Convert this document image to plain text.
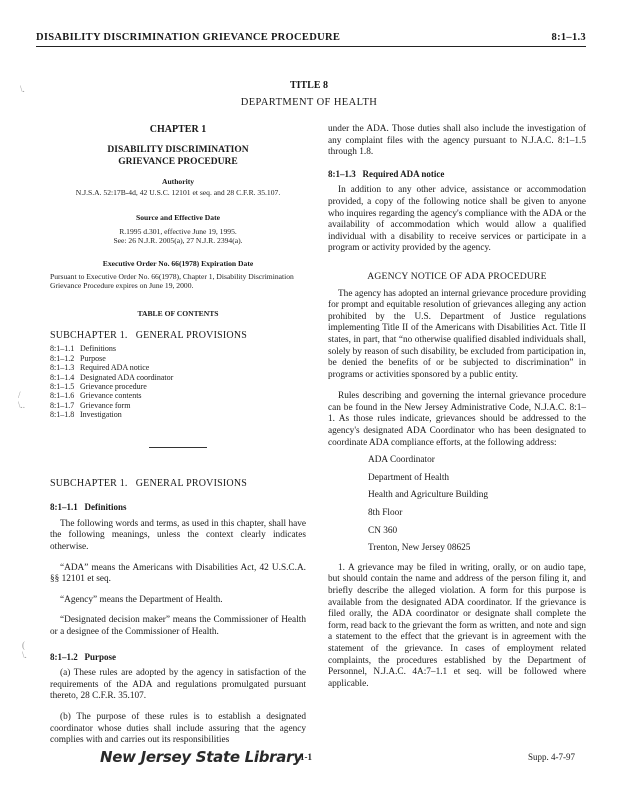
DISABILITY DISCRIMINATION GRIEVANCE PROCEDURE	8:1–1.3
TITLE 8
DEPARTMENT OF HEALTH
CHAPTER 1
DISABILITY DISCRIMINATION
GRIEVANCE PROCEDURE
Authority
N.J.S.A. 52:17B-4d, 42 U.S.C. 12101 et seq. and 28 C.F.R. 35.107.
Source and Effective Date
R.1995 d.301, effective June 19, 1995.
See: 26 N.J.R. 2005(a), 27 N.J.R. 2394(a).
Executive Order No. 66(1978) Expiration Date
Pursuant to Executive Order No. 66(1978), Chapter 1, Disability Discrimination Grievance Procedure expires on June 19, 2000.
TABLE OF CONTENTS
SUBCHAPTER 1.   GENERAL PROVISIONS
8:1–1.1 Definitions
8:1–1.2 Purpose
8:1–1.3 Required ADA notice
8:1–1.4 Designated ADA coordinator
8:1–1.5 Grievance procedure
8:1–1.6 Grievance contents
8:1–1.7 Grievance form
8:1–1.8 Investigation
SUBCHAPTER 1.   GENERAL PROVISIONS
8:1–1.1   Definitions

The following words and terms, as used in this chapter, shall have the following meanings, unless the context clearly indicates otherwise.

“ADA” means the Americans with Disabilities Act, 42 U.S.C.A. §§ 12101 et seq.

“Agency” means the Department of Health.

“Designated decision maker” means the Commissioner of Health or a designee of the Commissioner of Health.

8:1–1.2   Purpose

(a) These rules are adopted by the agency in satisfaction of the requirements of the ADA and regulations promulgated pursuant thereto, 28 C.F.R. 35.107.

(b) The purpose of these rules is to establish a designated coordinator whose duties shall include assuring that the agency complies with and carries out its responsibilities

under the ADA. Those duties shall also include the investigation of any complaint files with the agency pursuant to N.J.A.C. 8:1–1.5 through 1.8.

8:1–1.3   Required ADA notice

In addition to any other advice, assistance or accommodation provided, a copy of the following notice shall be given to anyone who inquires regarding the agency's compliance with the ADA or the availability of accommodation which would allow a qualified individual with a disability to receive services or participate in a program or activity provided by the agency.

AGENCY NOTICE OF ADA PROCEDURE

The agency has adopted an internal grievance procedure providing for prompt and equitable resolution of grievances alleging any action prohibited by the U.S. Department of Justice regulations implementing Title II of the Americans with Disabilities Act. Title II states, in part, that “no otherwise qualified disabled individuals shall, solely by reason of such disability, be excluded from participation in, be denied the benefits of or be subjected to discrimination” in programs or activities sponsored by a public entity.

Rules describing and governing the internal grievance procedure can be found in the New Jersey Administrative Code, N.J.A.C. 8:1–1. As those rules indicate, grievances should be addressed to the agency's designated ADA Coordinator who has been designated to coordinate ADA compliance efforts, at the following address:

ADA Coordinator
Department of Health
Health and Agriculture Building
8th Floor
CN 360
Trenton, New Jersey 08625

1. A grievance may be filed in writing, orally, or on audio tape, but should contain the name and address of the person filing it, and briefly describe the alleged violation. A form for this purpose is available from the designated ADA coordinator. If the grievance is filed orally, the ADA coordinator or designate shall complete the form, read back to the grievant the form as written, and note and sign a statement to the effect that the grievant is in agreement with the statement of the grievance. In cases of employment related complaints, the procedures established by the Department of Personnel, N.J.A.C. 4A:7–1.1 et seq. will be followed where applicable.

\.
/
\..
(
\.
New Jersey State Library
1-1	Supp. 4-7-97
